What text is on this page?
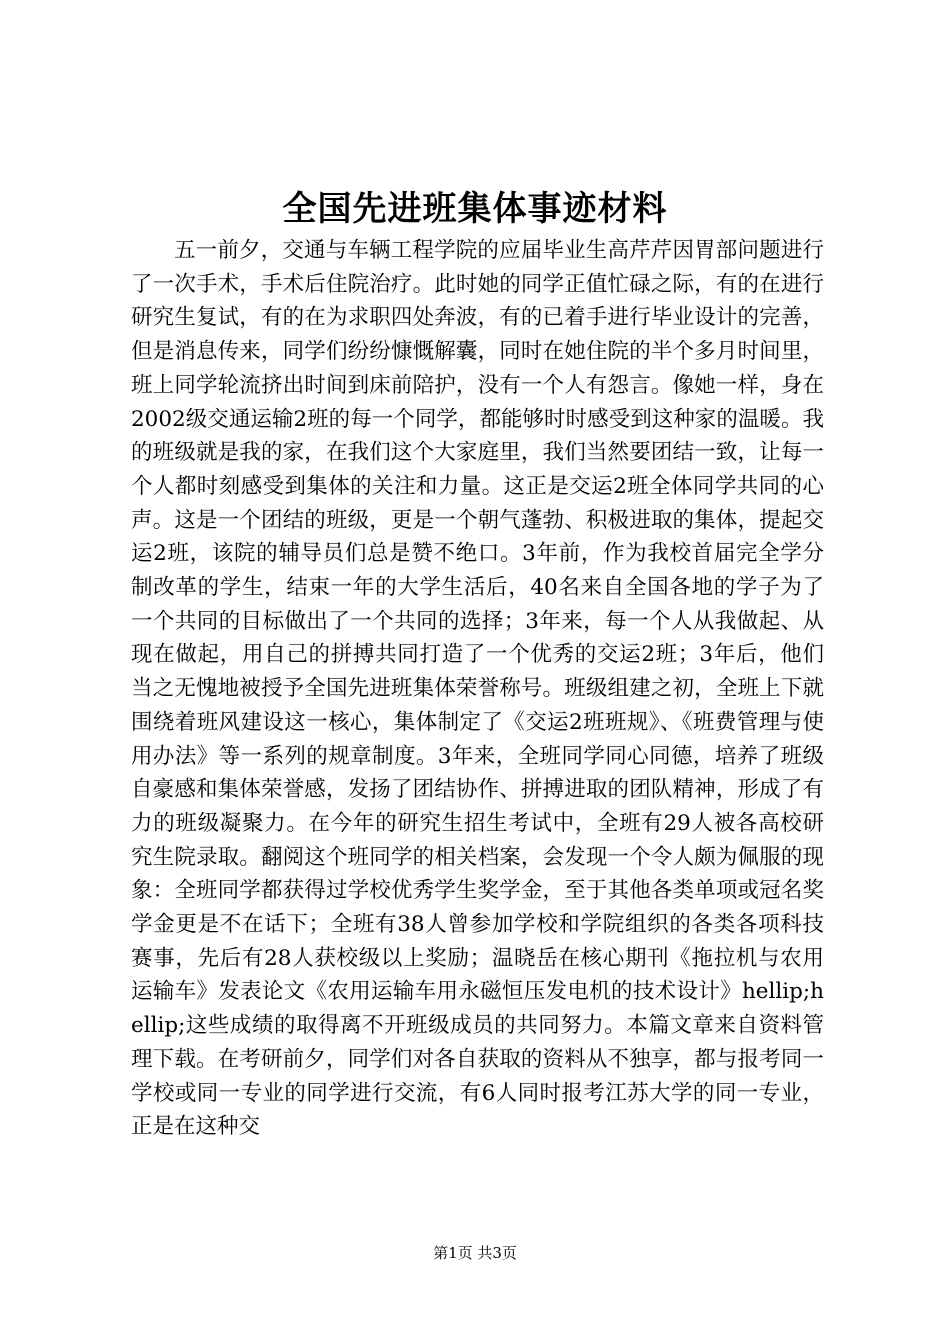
全国先进班集体事迹材料

五一前夕，交通与车辆工程学院的应届毕业生高芹芹因胃部问题进行了一次手术，手术后住院治疗。此时她的同学正值忙碌之际，有的在进行研究生复试，有的在为求职四处奔波，有的已着手进行毕业设计的完善，但是消息传来，同学们纷纷慷慨解囊，同时在她住院的半个多月时间里，班上同学轮流挤出时间到床前陪护，没有一个人有怨言。像她一样，身在2002级交通运输2班的每一个同学，都能够时时感受到这种家的温暖。我的班级就是我的家，在我们这个大家庭里，我们当然要团结一致，让每一个人都时刻感受到集体的关注和力量。这正是交运2班全体同学共同的心声。这是一个团结的班级，更是一个朝气蓬勃、积极进取的集体，提起交运2班，该院的辅导员们总是赞不绝口。3年前，作为我校首届完全学分制改革的学生，结束一年的大学生活后，40名来自全国各地的学子为了一个共同的目标做出了一个共同的选择；3年来，每一个人从我做起、从现在做起，用自己的拼搏共同打造了一个优秀的交运2班；3年后，他们当之无愧地被授予全国先进班集体荣誉称号。班级组建之初，全班上下就围绕着班风建设这一核心，集体制定了《交运2班班规》、《班费管理与使用办法》等一系列的规章制度。3年来，全班同学同心同德，培养了班级自豪感和集体荣誉感，发扬了团结协作、拼搏进取的团队精神，形成了有力的班级凝聚力。在今年的研究生招生考试中，全班有29人被各高校研究生院录取。翻阅这个班同学的相关档案，会发现一个令人颇为佩服的现象：全班同学都获得过学校优秀学生奖学金，至于其他各类单项或冠名奖学金更是不在话下；全班有38人曾参加学校和学院组织的各类各项科技赛事，先后有28人获校级以上奖励；温晓岳在核心期刊《拖拉机与农用运输车》发表论文《农用运输车用永磁恒压发电机的技术设计》hellip;hellip;这些成绩的取得离不开班级成员的共同努力。本篇文章来自资料管理下载。在考研前夕，同学们对各自获取的资料从不独享，都与报考同一学校或同一专业的同学进行交流，有6人同时报考江苏大学的同一专业，正是在这种交

第1页 共3页
